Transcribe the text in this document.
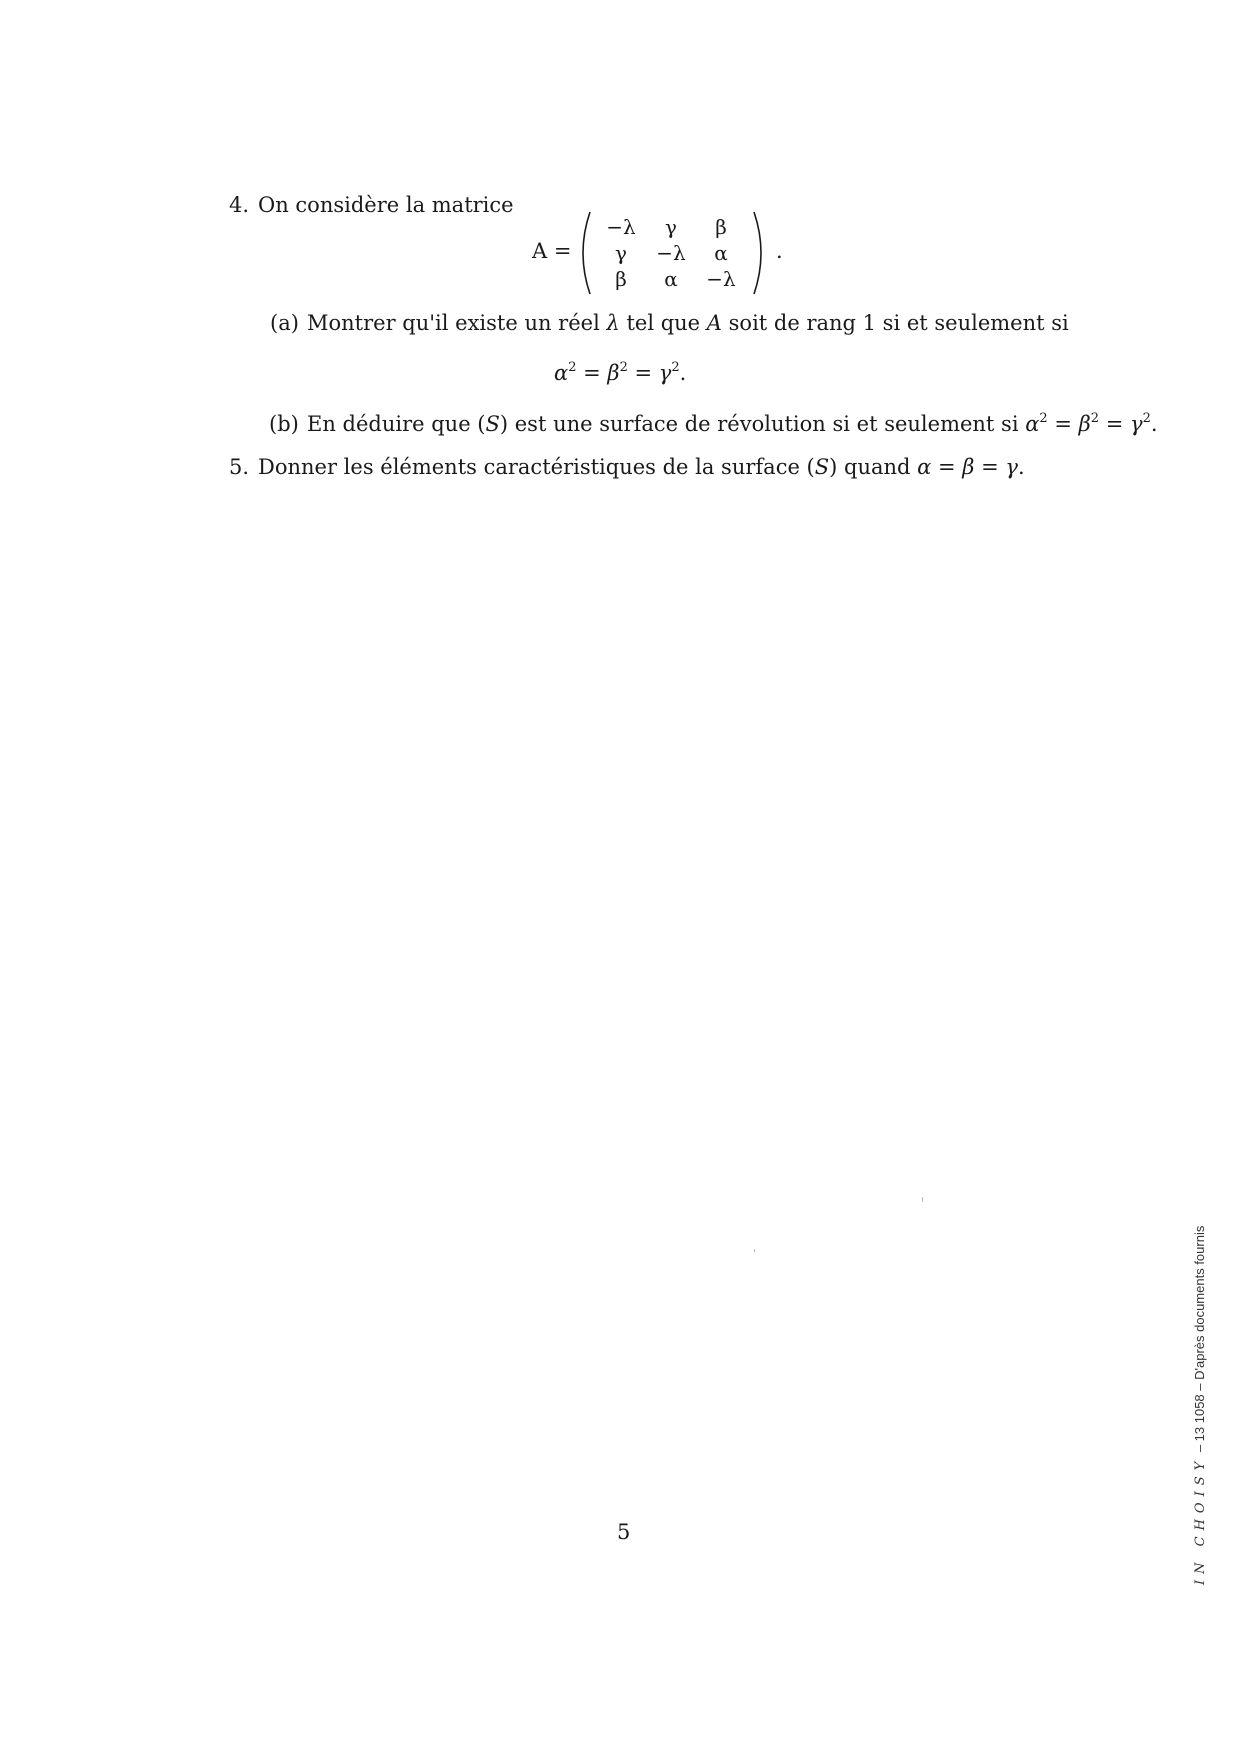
4. On considère la matrice
A =
−λ	γ	β
γ	−λ	α
β	α	−λ
.
(a) Montrer qu'il existe un réel λ tel que A soit de rang 1 si et seulement si
$\alpha^2 = \beta^2 = \gamma^2$.
(b) En déduire que (S) est une surface de révolution si et seulement si $\alpha^2 = \beta^2 = \gamma^2$.
5. Donner les éléments caractéristiques de la surface (S) quand α = β = γ.
5	IN CHOISY – 13 1058 – D'après documents fournis
